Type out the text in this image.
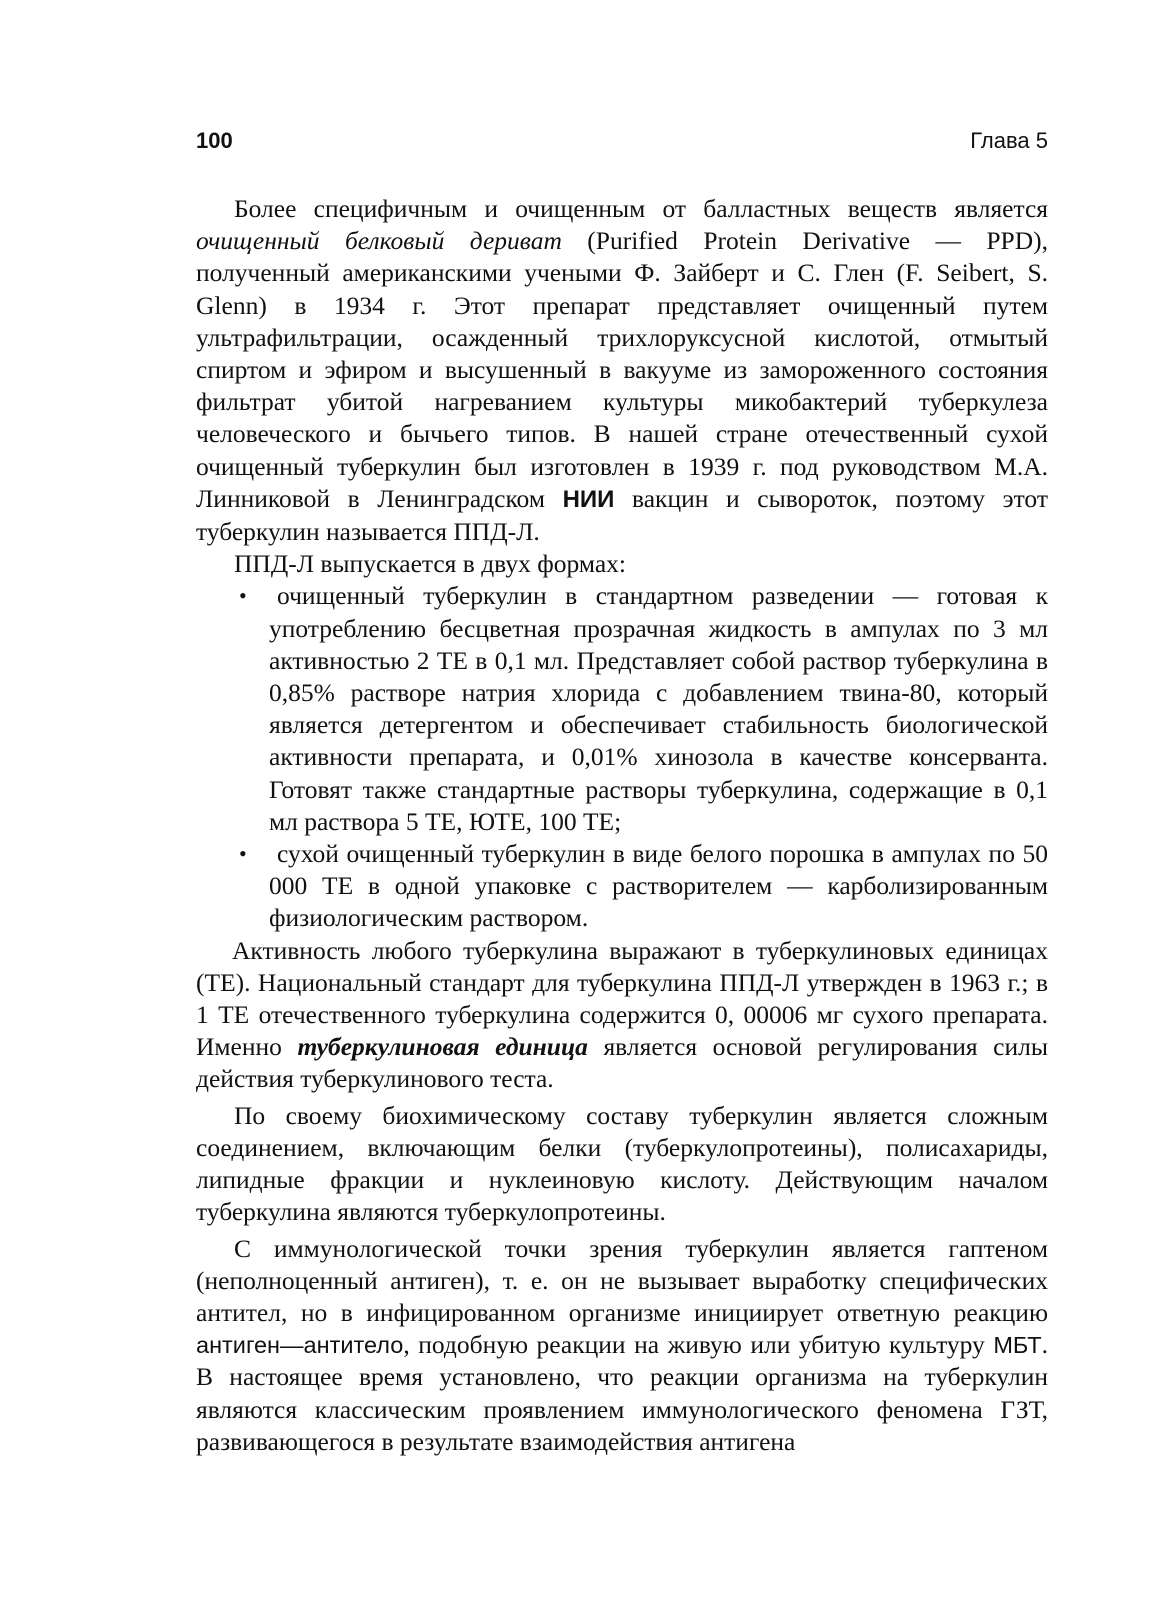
100	Глава 5

Более специфичным и очищенным от балластных веществ является очищенный белковый дериват (Purified Protein Derivative — PPD), полученный американскими учеными Ф. Зайберт и С. Глен (F. Seibert, S. Glenn) в 1934 г. Этот препарат представляет очищенный путем ультрафильтрации, осажденный трихлоруксусной кислотой, отмытый спиртом и эфиром и высушенный в вакууме из замороженного состояния фильтрат убитой нагреванием культуры микобактерий туберкулеза человеческого и бычьего типов. В нашей стране отечественный сухой очищенный туберкулин был изготовлен в 1939 г. под руководством М.А. Линниковой в Ленинградском НИИ вакцин и сывороток, поэтому этот туберкулин называется ППД-Л.

ППД-Л выпускается в двух формах:

•	очищенный туберкулин в стандартном разведении — готовая к употреблению бесцветная прозрачная жидкость в ампулах по 3 мл активностью 2 ТЕ в 0,1 мл. Представляет собой раствор туберкулина в 0,85% растворе натрия хлорида с добавлением твина-80, который является детергентом и обеспечивает стабильность биологической активности препарата, и 0,01% хинозола в качестве консерванта. Готовят также стандартные растворы туберкулина, содержащие в 0,1 мл раствора 5 ТЕ, ЮТЕ, 100 ТЕ;
•	сухой очищенный туберкулин в виде белого порошка в ампулах по 50 000 ТЕ в одной упаковке с растворителем — карболизированным физиологическим раствором.

Активность любого туберкулина выражают в туберкулиновых единицах (ТЕ). Национальный стандарт для туберкулина ППД-Л утвержден в 1963 г.; в 1 ТЕ отечественного туберкулина содержится 0, 00006 мг сухого препарата. Именно туберкулиновая единица является основой регулирования силы действия туберкулинового теста.

По своему биохимическому составу туберкулин является сложным соединением, включающим белки (туберкулопротеины), полисахариды, липидные фракции и нуклеиновую кислоту. Действующим началом туберкулина являются туберкулопротеины.

С иммунологической точки зрения туберкулин является гаптеном (неполноценный антиген), т. е. он не вызывает выработку специфических антител, но в инфицированном организме инициирует ответную реакцию антиген—антитело, подобную реакции на живую или убитую культуру МБТ. В настоящее время установлено, что реакции организма на туберкулин являются классическим проявлением иммунологического феномена ГЗТ, развивающегося в результате взаимодействия антигена
